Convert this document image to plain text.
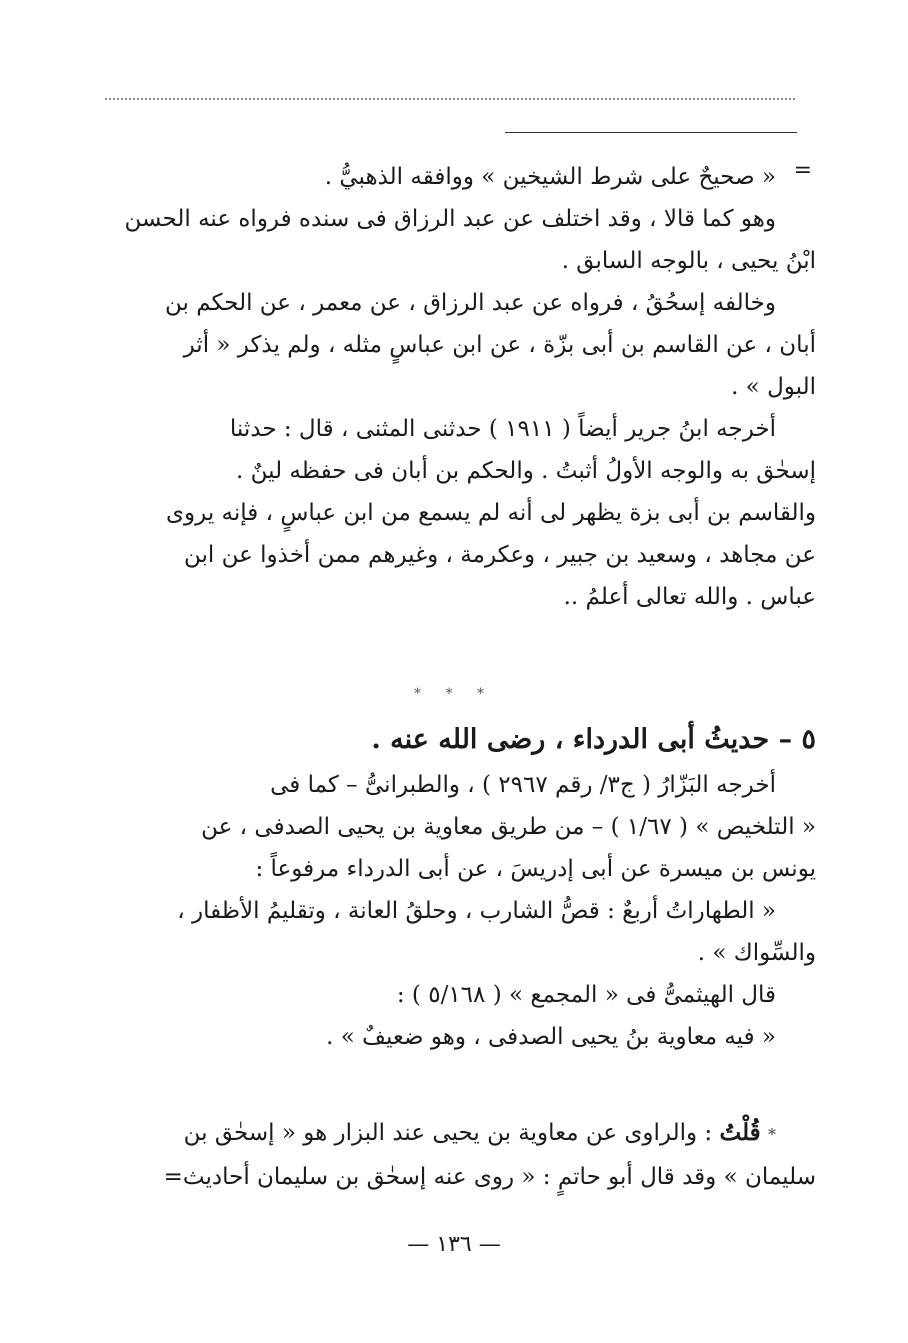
=
« صحيحٌ على شرط الشيخين » ووافقه الذهبيُّ .
وهو كما قالا ، وقد اختلف عن عبد الرزاق فى سنده فرواه عنه الحسن
ابْنُ يحيى ، بالوجه السابق .
وخالفه إسحُقُ ، فرواه عن عبد الرزاق ، عن معمر ، عن الحكم بن
أبان ، عن القاسم بن أبى بزّة ، عن ابن عباسٍ مثله ، ولم يذكر « أثر
البول » .
أخرجه ابنُ جرير أيضاً ( ١٩١١ ) حدثنى المثنى ، قال : حدثنا
إسحٰق به والوجه الأولُ أثبتُ . والحكم بن أبان فى حفظه لينٌ .
والقاسم بن أبى بزة يظهر لى أنه لم يسمع من ابن عباسٍ ، فإنه يروى
عن مجاهد ، وسعيد بن جبير ، وعكرمة ، وغيرهم ممن أخذوا عن ابن
عباس . والله تعالى أعلمُ ..
* * *
٥ – حديثُ أبى الدرداء ، رضى الله عنه .
أخرجه البَزّارُ ( ج٣/ رقم ٢٩٦٧ ) ، والطبرانىُّ – كما فى
« التلخيص » ( ١/٦٧ ) – من طريق معاوية بن يحيى الصدفى ، عن
يونس بن ميسرة عن أبى إدريسَ ، عن أبى الدرداء مرفوعاً :
« الطهاراتُ أربعٌ : قصُّ الشارب ، وحلقُ العانة ، وتقليمُ الأظفار ،
والسِّواك » .
قال الهيثمىُّ فى « المجمع » ( ٥/١٦٨ ) :
« فيه معاوية بنُ يحيى الصدفى ، وهو ضعيفٌ » .
* قُلْتُ : والراوى عن معاوية بن يحيى عند البزار هو « إسحٰق بن
سليمان » وقد قال أبو حاتمٍ : « روى عنه إسحٰق بن سليمان أحاديث=
— ١٣٦ —
